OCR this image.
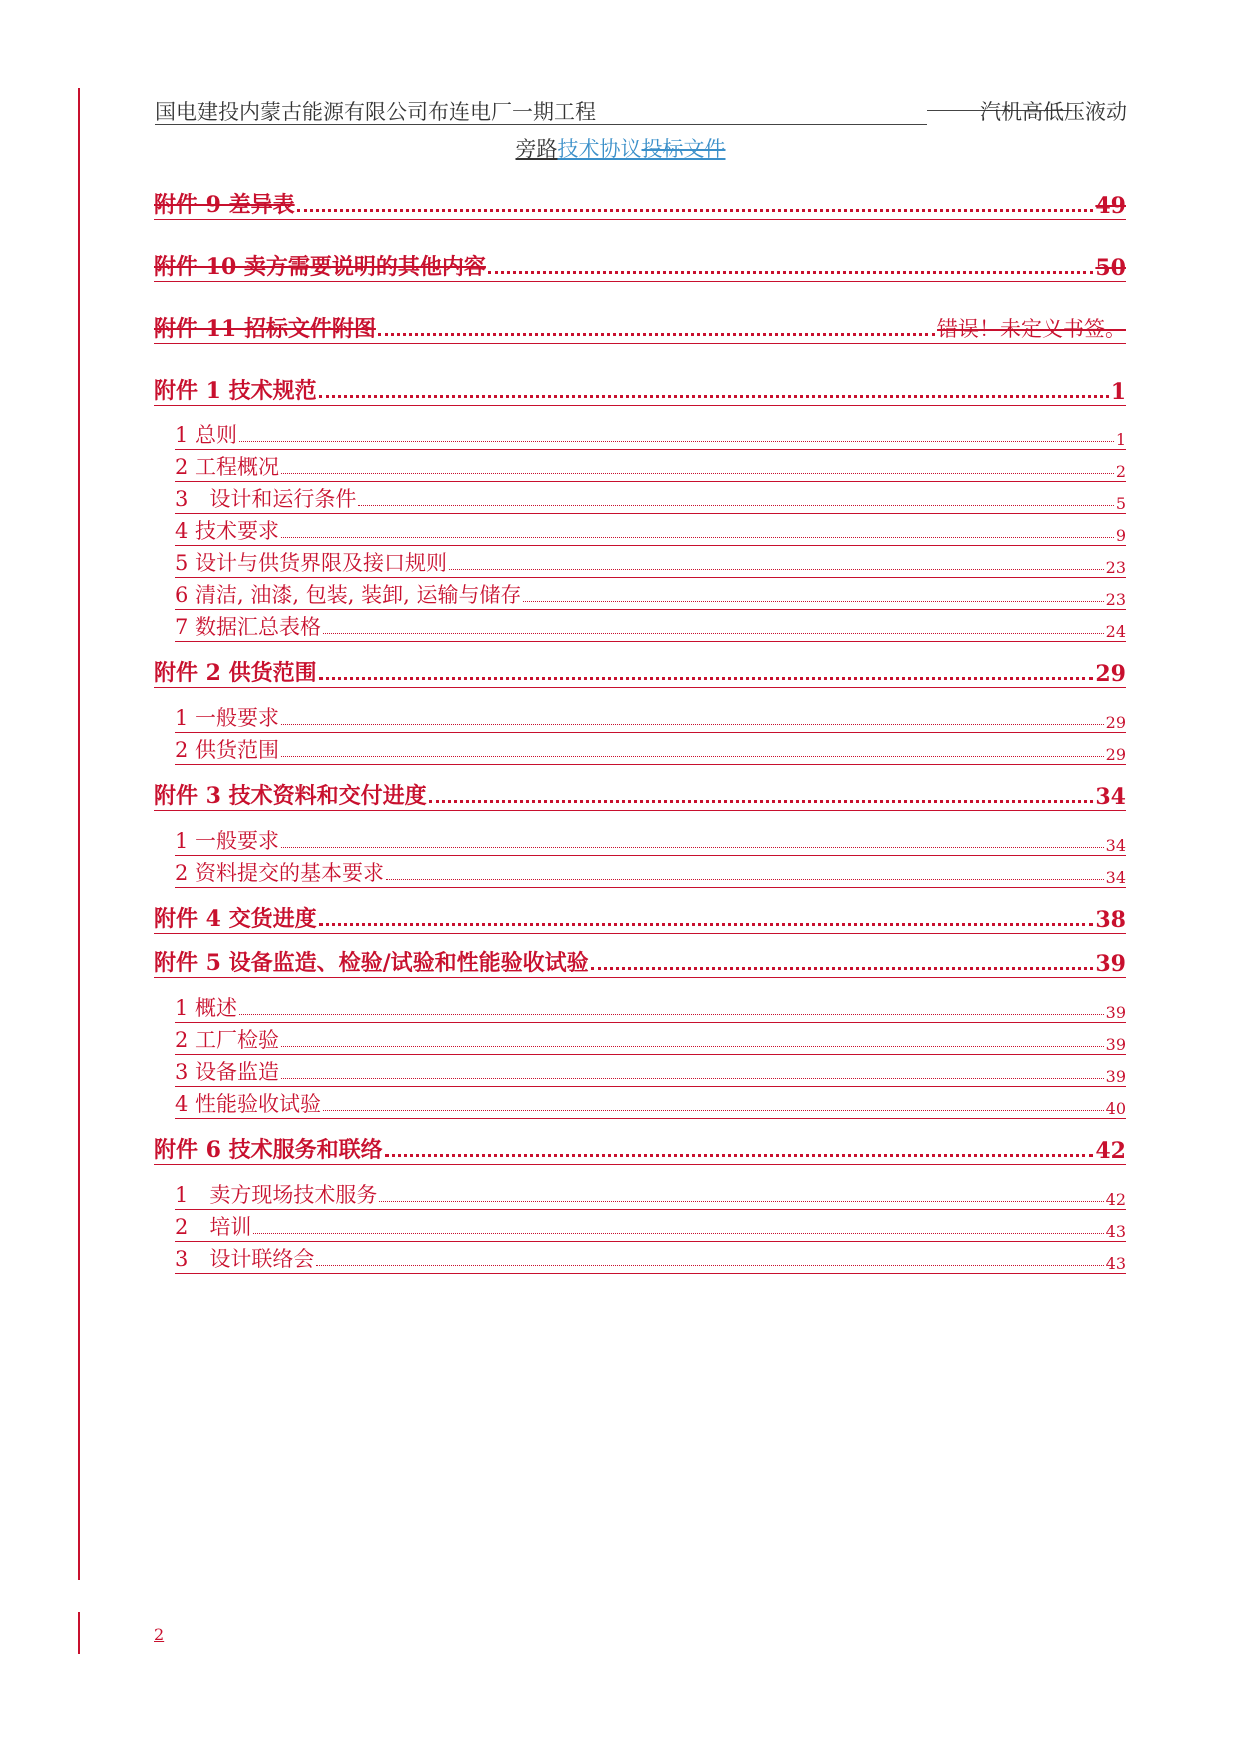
国电建投内蒙古能源有限公司布连电厂一期工程	汽机高低压液动
旁路技术协议投标文件
附件 9 差异表	49
附件 10 卖方需要说明的其他内容	50
附件 11 招标文件附图	错误！未定义书签。
附件 1 技术规范	1
1 总则	1
2 工程概况	2
3　设计和运行条件	5
4 技术要求	9
5 设计与供货界限及接口规则	23
6 清洁, 油漆, 包装, 装卸, 运输与储存	23
7 数据汇总表格	24
附件 2 供货范围	29
1 一般要求	29
2 供货范围	29
附件 3 技术资料和交付进度	34
1 一般要求	34
2 资料提交的基本要求	34
附件 4 交货进度	38
附件 5 设备监造、检验/试验和性能验收试验	39
1 概述	39
2 工厂检验	39
3 设备监造	39
4 性能验收试验	40
附件 6 技术服务和联络	42
1　卖方现场技术服务	42
2　培训	43
3　设计联络会	43
2
